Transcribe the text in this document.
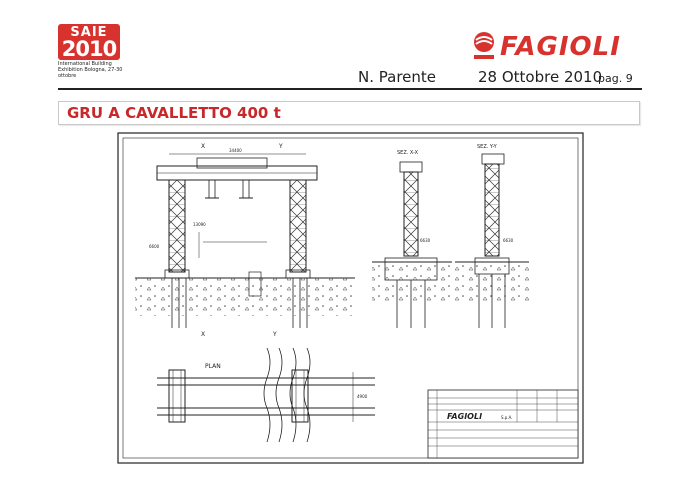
SAIE
2010
International Building Exhibition Bologna, 27-30 ottobre
FAGIOLI
N. Parente	28 Ottobre 2010
pag. 9
GRU A CAVALLETTO 400 t
SEZ. X-X
SEZ. Y-Y
PLAN
X	Y
X	Y
34400
13090
6600
6630	6630
4900
FAGIOLI	S.p.A.
